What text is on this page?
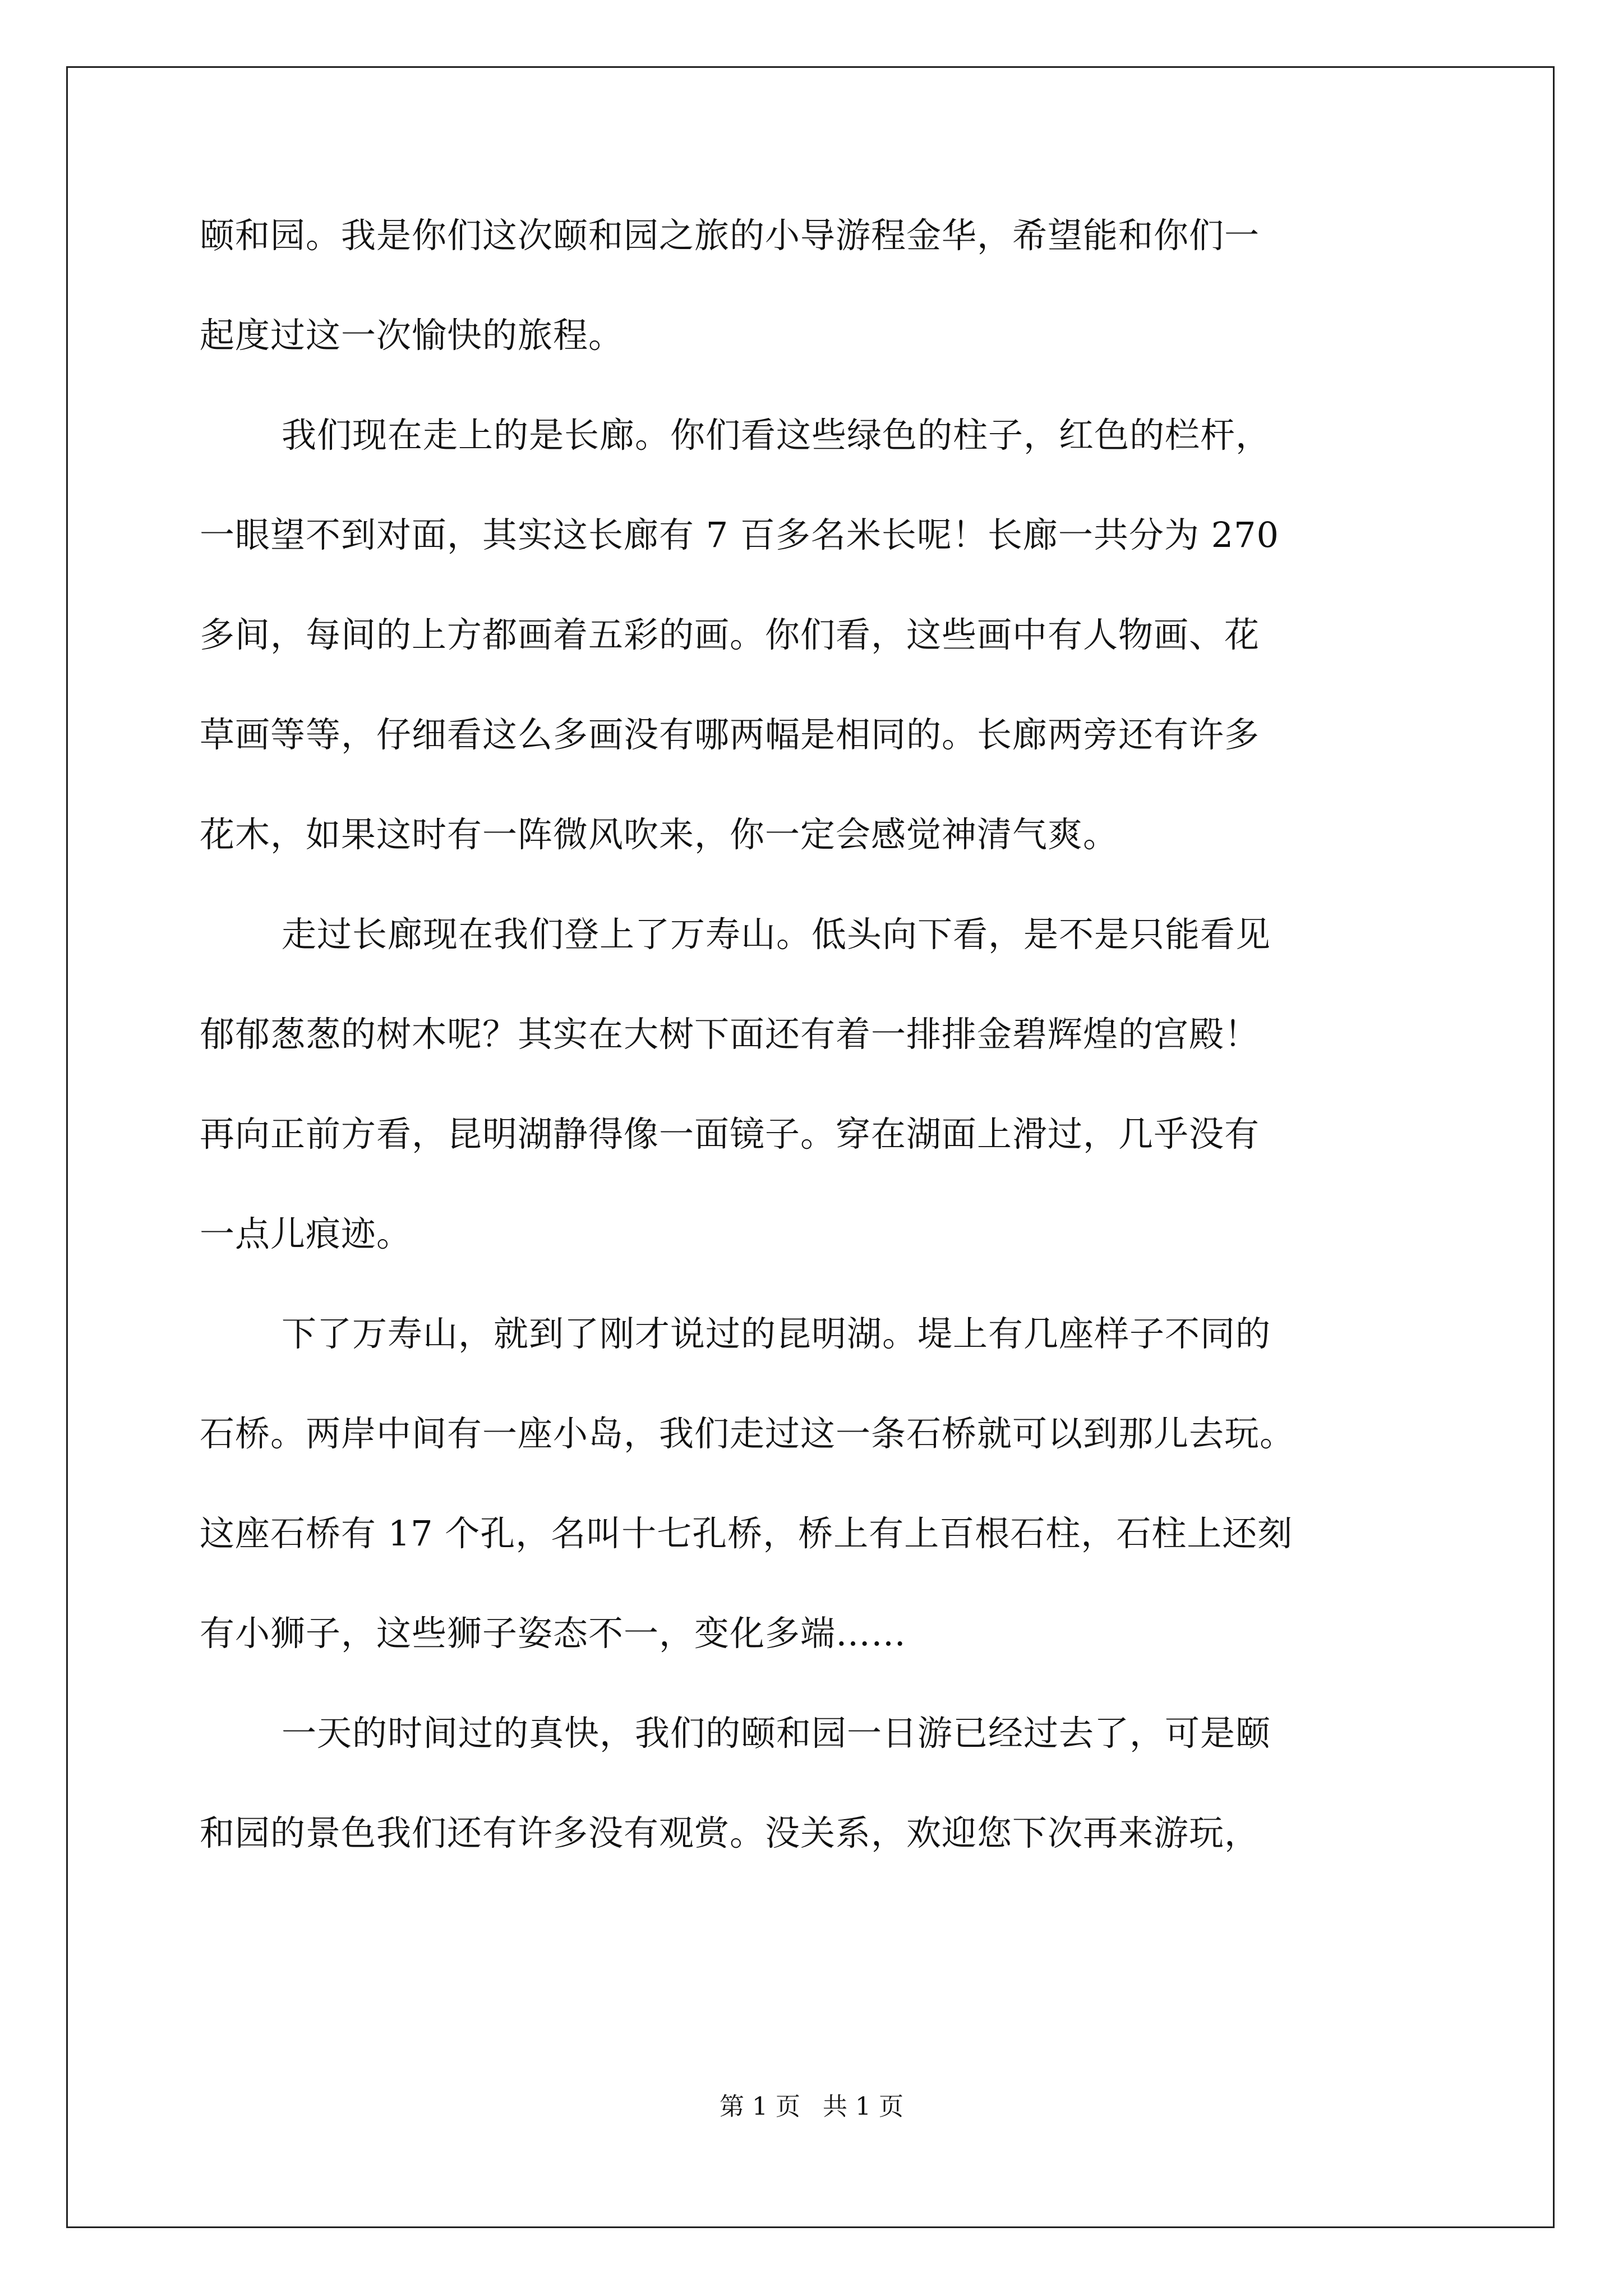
颐和园。我是你们这次颐和园之旅的小导游程金华，希望能和你们一
起度过这一次愉快的旅程。
我们现在走上的是长廊。你们看这些绿色的柱子，红色的栏杆，
一眼望不到对面，其实这长廊有 7 百多名米长呢！长廊一共分为 270
多间，每间的上方都画着五彩的画。你们看，这些画中有人物画、花
草画等等，仔细看这么多画没有哪两幅是相同的。长廊两旁还有许多
花木，如果这时有一阵微风吹来，你一定会感觉神清气爽。
走过长廊现在我们登上了万寿山。低头向下看，是不是只能看见
郁郁葱葱的树木呢？其实在大树下面还有着一排排金碧辉煌的宫殿！
再向正前方看，昆明湖静得像一面镜子。穿在湖面上滑过，几乎没有
一点儿痕迹。
下了万寿山，就到了刚才说过的昆明湖。堤上有几座样子不同的
石桥。两岸中间有一座小岛，我们走过这一条石桥就可以到那儿去玩。
这座石桥有 17 个孔，名叫十七孔桥，桥上有上百根石柱，石柱上还刻
有小狮子，这些狮子姿态不一，变化多端……
一天的时间过的真快，我们的颐和园一日游已经过去了，可是颐
和园的景色我们还有许多没有观赏。没关系，欢迎您下次再来游玩，
第 1 页 共 1 页
